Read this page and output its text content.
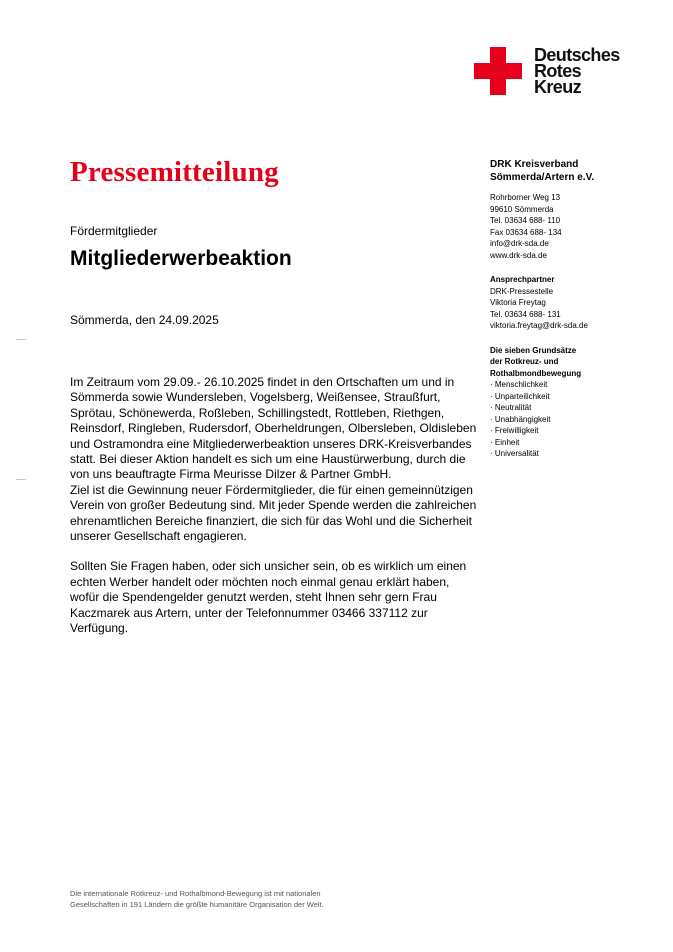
Deutsches
Rotes
Kreuz
Pressemitteilung
Fördermitglieder
Mitgliederwerbeaktion
Sömmerda, den 24.09.2025

Im Zeitraum vom 29.09.- 26.10.2025 findet in den Ortschaften um und in Sömmerda sowie Wundersleben, Vogelsberg, Weißensee, Straußfurt, Sprötau, Schönewerda, Roßleben, Schillingstedt, Rottleben, Riethgen, Reinsdorf, Ringleben, Rudersdorf, Oberheldrungen, Olbersleben, Oldisleben und Ostramondra eine Mitgliederwerbeaktion unseres DRK-Kreisverbandes statt. Bei dieser Aktion handelt es sich um eine Haustürwerbung, durch die von uns beauftragte Firma Meurisse Dilzer & Partner GmbH.

Ziel ist die Gewinnung neuer Fördermitglieder, die für einen gemeinnützigen Verein von großer Bedeutung sind. Mit jeder Spende werden die zahlreichen ehrenamtlichen Bereiche finanziert, die sich für das Wohl und die Sicherheit unserer Gesellschaft engagieren.

Sollten Sie Fragen haben, oder sich unsicher sein, ob es wirklich um einen echten Werber handelt oder möchten noch einmal genau erklärt haben, wofür die Spendengelder genutzt werden, steht Ihnen sehr gern Frau Kaczmarek aus Artern, unter der Telefonnummer 03466 337112 zur Verfügung.

DRK Kreisverband
Sömmerda/Artern e.V.
Rohrborner Weg 13
99610 Sömmerda
Tel. 03634 688- 110
Fax 03634 688- 134
info@drk-sda.de
www.drk-sda.de
Ansprechpartner
DRK-Pressestelle
Viktoria Freytag
Tel. 03634 688- 131
viktoria.freytag@drk-sda.de
Die sieben Grundsätze
der Rotkreuz- und
Rothalbmondbewegung
· Menschlichkeit
· Unparteilichkeit
· Neutralität
· Unabhängigkeit
· Freiwilligkeit
· Einheit
· Universalität
Die internationale Rotkreuz- und Rothalbmond-Bewegung ist mit nationalen
Gesellschaften in 191 Ländern die größte humanitäre Organisation der Welt.
